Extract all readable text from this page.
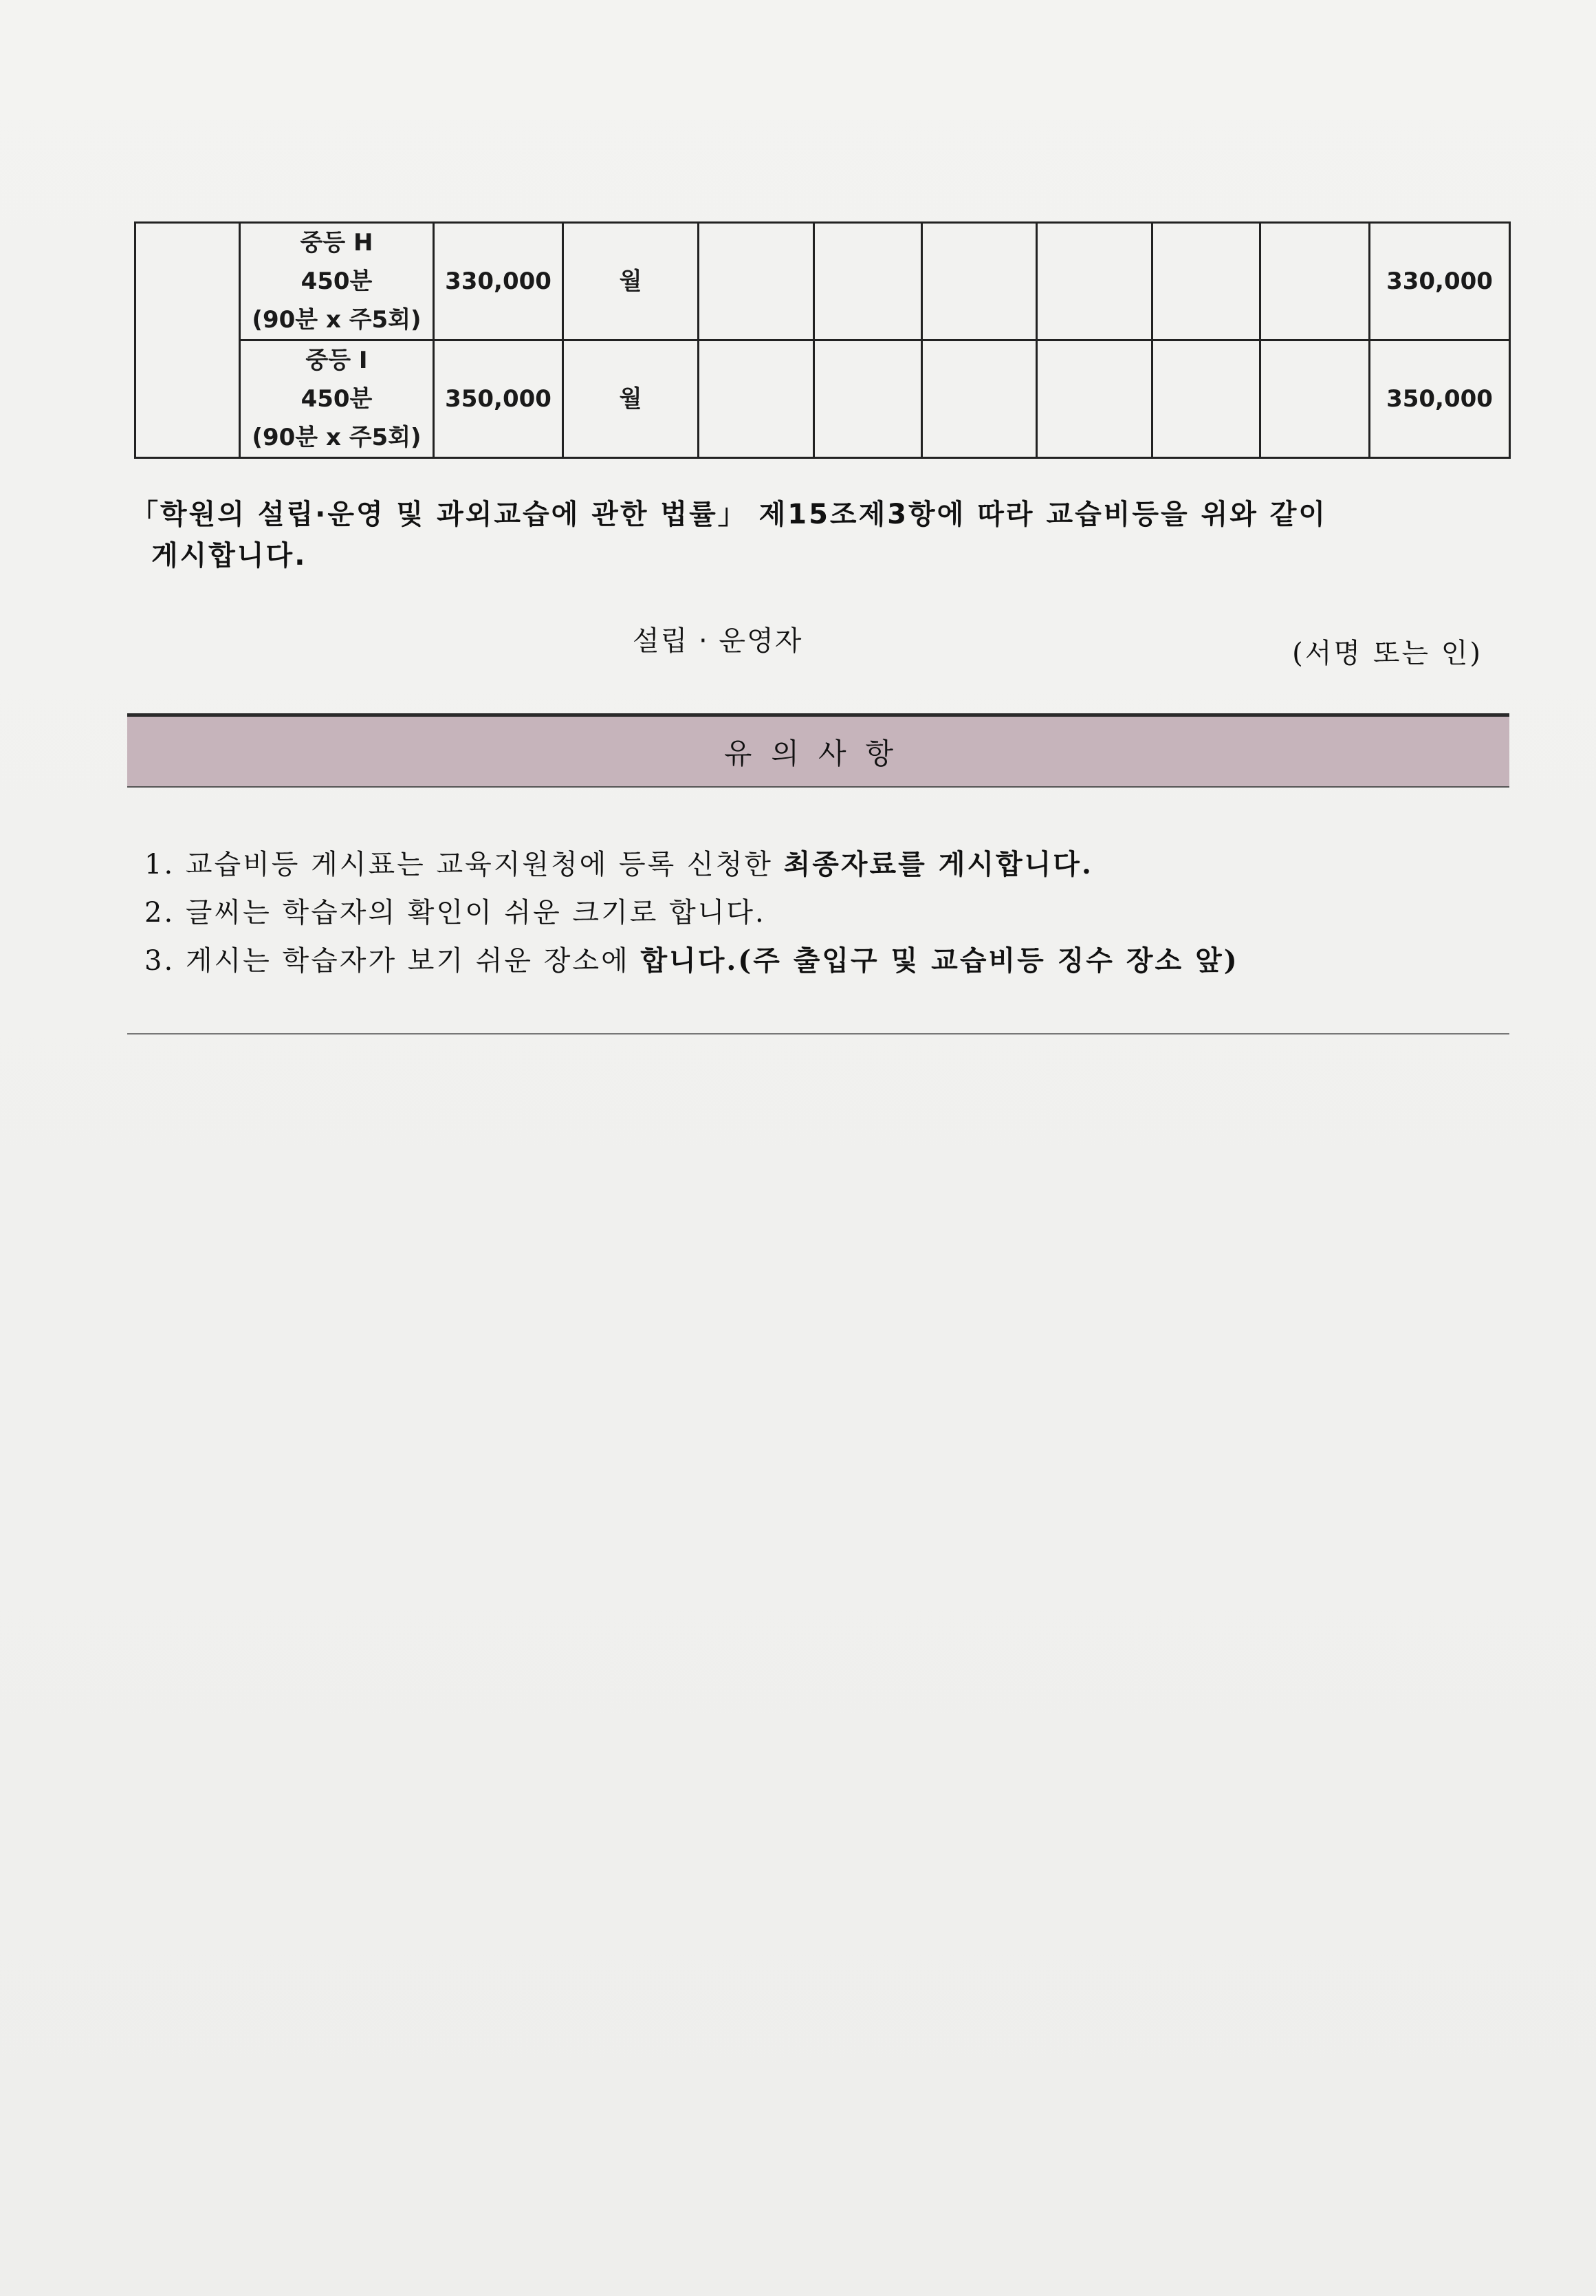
	중등 H
450분
(90분 x 주5회)	330,000	월							330,000

	중등 I
450분
(90분 x 주5회)	350,000	월							350,000
「학원의 설립·운영 및 과외교습에 관한 법률」 제15조제3항에 따라 교습비등을 위와 같이
게시합니다.
설립 · 운영자	(서명 또는 인)
유의사항
1. 교습비등 게시표는 교육지원청에 등록 신청한 최종자료를 게시합니다.
2. 글씨는 학습자의 확인이 쉬운 크기로 합니다.
3. 게시는 학습자가 보기 쉬운 장소에 합니다.(주 출입구 및 교습비등 징수 장소 앞)
